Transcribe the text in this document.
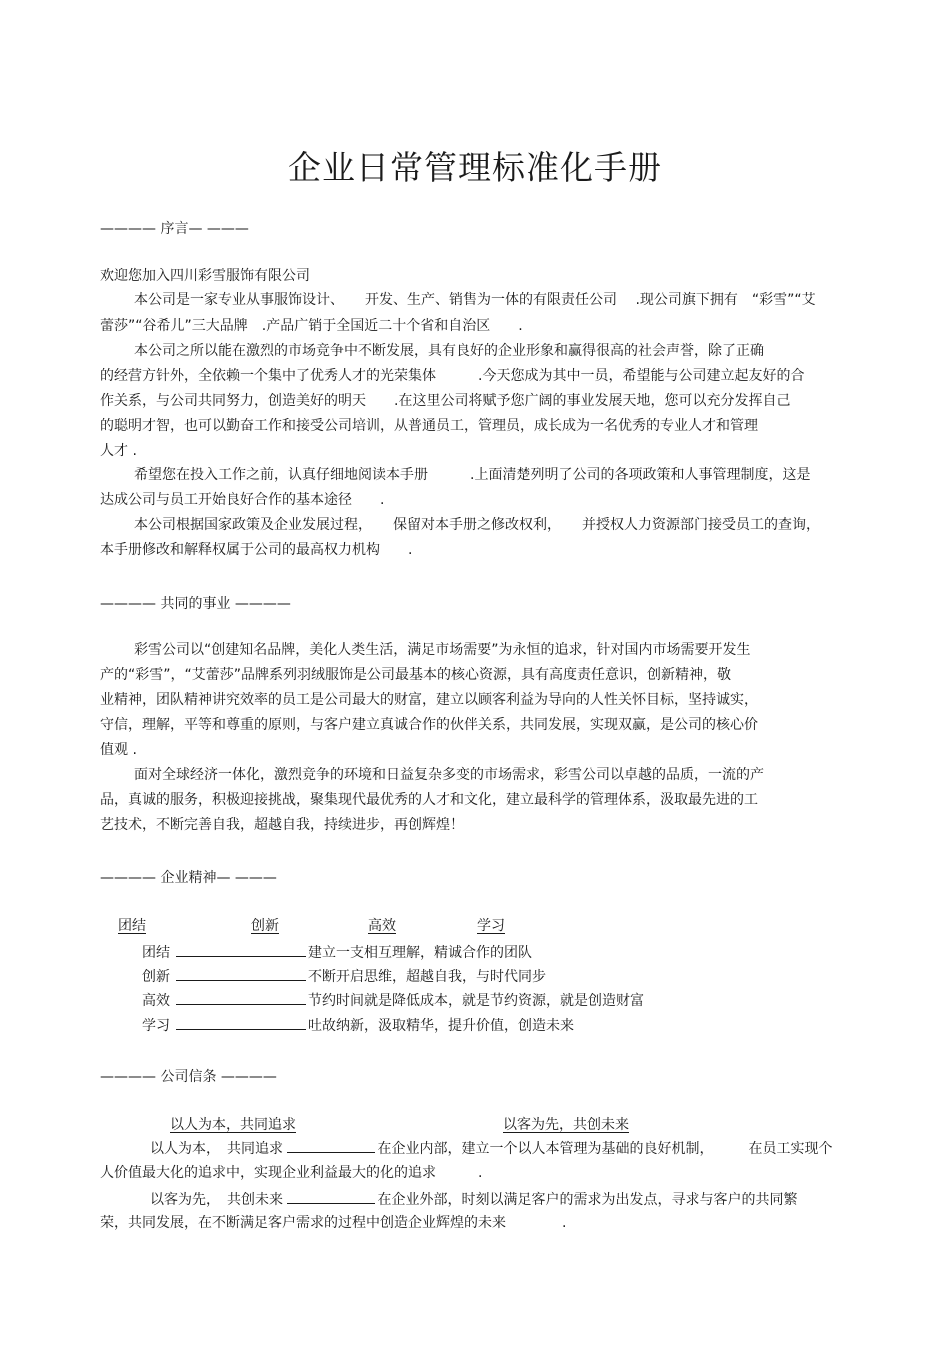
企业日常管理标准化手册
———— 序言— ———
欢迎您加入四川彩雪服饰有限公司
本公司是一家专业从事服饰设计、　　开发、生产、销售为一体的有限责任公司　 .现公司旗下拥有　“彩雪”“艾
蕾莎”“谷希儿”三大品牌　.产品广销于全国近二十个省和自治区　　.
本公司之所以能在激烈的市场竞争中不断发展，具有良好的企业形象和赢得很高的社会声誉，除了正确
的经营方针外，全依赖一个集中了优秀人才的光荣集体　　　.今天您成为其中一员，希望能与公司建立起友好的合
作关系，与公司共同努力，创造美好的明天　　.在这里公司将赋予您广阔的事业发展天地，您可以充分发挥自己
的聪明才智，也可以勤奋工作和接受公司培训，从普通员工，管理员，成长成为一名优秀的专业人才和管理
人才 .
希望您在投入工作之前，认真仔细地阅读本手册　　　.上面清楚列明了公司的各项政策和人事管理制度，这是
达成公司与员工开始良好合作的基本途径　　.
本公司根据国家政策及企业发展过程，　　保留对本手册之修改权利，　　并授权人力资源部门接受员工的查询，
本手册修改和解释权属于公司的最高权力机构　　.
———— 共同的事业 ————
彩雪公司以“创建知名品牌，美化人类生活，满足市场需要”为永恒的追求，针对国内市场需要开发生
产的“彩雪”，“艾蕾莎”品牌系列羽绒服饰是公司最基本的核心资源，具有高度责任意识，创新精神，敬
业精神，团队精神讲究效率的员工是公司最大的财富，建立以顾客利益为导向的人性关怀目标，坚持诚实，
守信，理解，平等和尊重的原则，与客户建立真诚合作的伙伴关系，共同发展，实现双赢，是公司的核心价
值观 .
面对全球经济一体化，激烈竞争的环境和日益复杂多变的市场需求，彩雪公司以卓越的品质，一流的产
品，真诚的服务，积极迎接挑战，聚集现代最优秀的人才和文化，建立最科学的管理体系，汲取最先进的工
艺技术，不断完善自我，超越自我，持续进步，再创辉煌！
———— 企业精神— ———
团结	创新	高效	学习
团结	建立一支相互理解，精诚合作的团队
创新	不断开启思维，超越自我，与时代同步
高效	节约时间就是降低成本，就是节约资源，就是创造财富
学习	吐故纳新，汲取精华，提升价值，创造未来
———— 公司信条 ————
以人为本，共同追求	以客为先，共创未来
以人为本，　共同追求	在企业内部，建立一个以人本管理为基础的良好机制，　　　在员工实现个
人价值最大化的追求中，实现企业利益最大的化的追求　　　.
以客为先，　共创未来	在企业外部，时刻以满足客户的需求为出发点，寻求与客户的共同繁
荣，共同发展，在不断满足客户需求的过程中创造企业辉煌的未来　　　　.
